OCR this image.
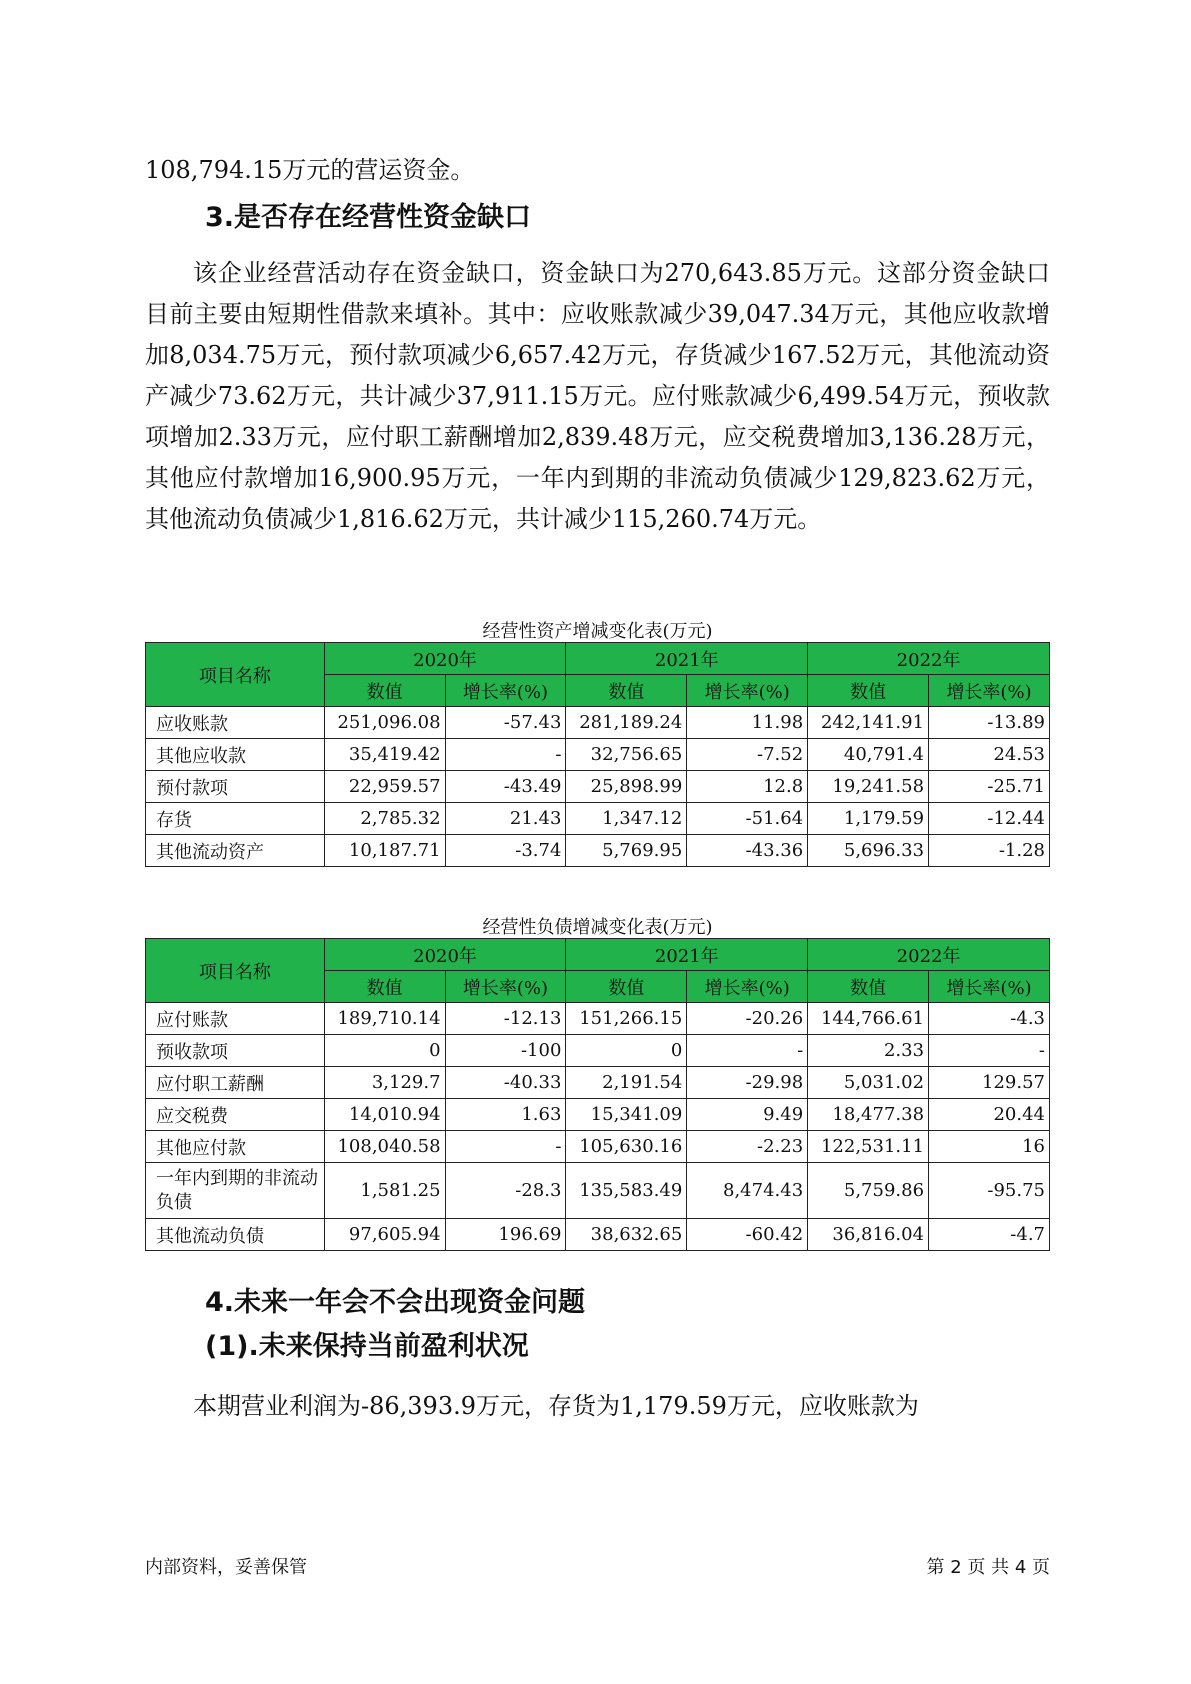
108,794.15万元的营运资金。

3.是否存在经营性资金缺口

该企业经营活动存在资金缺口，资金缺口为270,643.85万元。这部分资金缺口目前主要由短期性借款来填补。其中：应收账款减少39,047.34万元，其他应收款增加8,034.75万元，预付款项减少6,657.42万元，存货减少167.52万元，其他流动资产减少73.62万元，共计减少37,911.15万元。应付账款减少6,499.54万元，预收款项增加2.33万元，应付职工薪酬增加2,839.48万元，应交税费增加3,136.28万元，其他应付款增加16,900.95万元，一年内到期的非流动负债减少129,823.62万元，其他流动负债减少1,816.62万元，共计减少115,260.74万元。

经营性资产增减变化表(万元)
项目名称	2020年		2021年		2022年	
	数值	增长率(%)	数值	增长率(%)	数值	增长率(%)
应收账款	251,096.08	-57.43	281,189.24	11.98	242,141.91	-13.89
其他应收款	35,419.42	-	32,756.65	-7.52	40,791.4	24.53
预付款项	22,959.57	-43.49	25,898.99	12.8	19,241.58	-25.71
存货	2,785.32	21.43	1,347.12	-51.64	1,179.59	-12.44
其他流动资产	10,187.71	-3.74	5,769.95	-43.36	5,696.33	-1.28
经营性负债增减变化表(万元)
项目名称	2020年		2021年		2022年	
	数值	增长率(%)	数值	增长率(%)	数值	增长率(%)
应付账款	189,710.14	-12.13	151,266.15	-20.26	144,766.61	-4.3
预收款项	0	-100	0	-	2.33	-
应付职工薪酬	3,129.7	-40.33	2,191.54	-29.98	5,031.02	129.57
应交税费	14,010.94	1.63	15,341.09	9.49	18,477.38	20.44
其他应付款	108,040.58	-	105,630.16	-2.23	122,531.11	16
一年内到期的非流动负债	1,581.25	-28.3	135,583.49	8,474.43	5,759.86	-95.75
其他流动负债	97,605.94	196.69	38,632.65	-60.42	36,816.04	-4.7
4.未来一年会不会出现资金问题
(1).未来保持当前盈利状况

本期营业利润为-86,393.9万元，存货为1,179.59万元，应收账款为

内部资料，妥善保管	第 2 页 共 4 页
